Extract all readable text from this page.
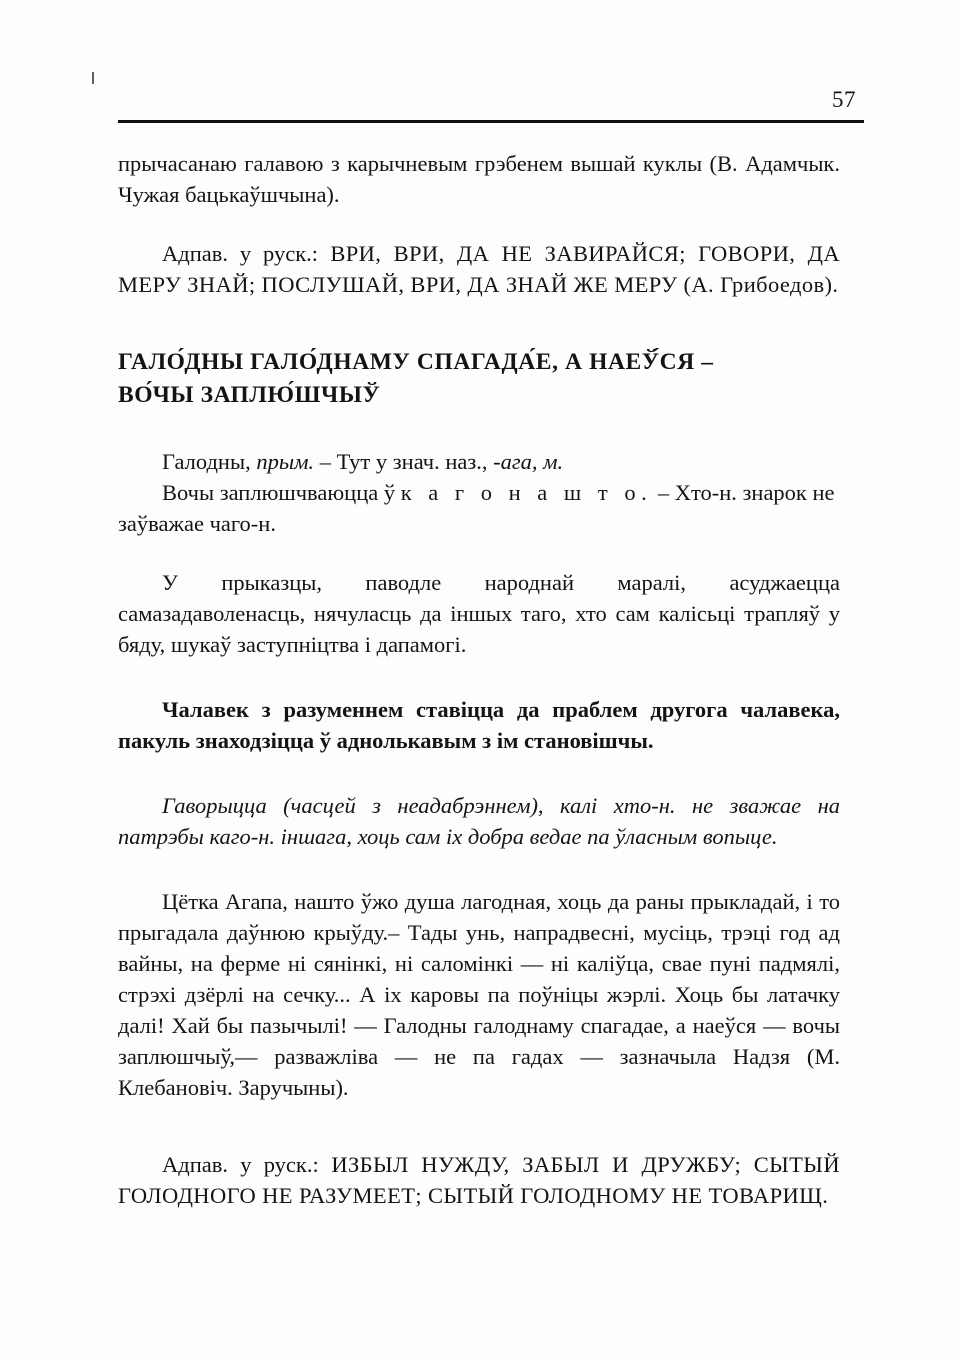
57

прычасанаю галавою з карычневым грэбенем вышай куклы (В. Адамчык. Чужая бацькаўшчына).

Адпав. у руск.: ВРИ, ВРИ, ДА НЕ ЗАВИРАЙСЯ; ГОВОРИ, ДА МЕРУ ЗНАЙ; ПОСЛУШАЙ, ВРИ, ДА ЗНАЙ ЖЕ МЕРУ (А. Грибоедов).

ГАЛО́ДНЫ ГАЛО́ДНАМУ СПАГАДА́Е, А НАЕЎ́СЯ –

ВО́ЧЫ ЗАПЛЮ́ШЧЫЎ

Галодны, прым. – Тут у знач. наз., -ага, м.

Вочы заплюшчваюцца ў к а г о н а ш т о. – Хто-н. знарок не заўважае чаго-н.

У прыказцы, паводле народнай маралі, асуджаецца самазадаволенасць, нячуласць да іншых таго, хто сам калісьці трапляў у бяду, шукаў заступніцтва і дапамогі.

Чалавек з разуменнем ставіцца да праблем другога чалавека, пакуль знаходзіцца ў аднолькавым з ім становішчы.

Гаворыцца (часцей з неадабрэннем), калі хто-н. не зважае на патрэбы каго-н. іншага, хоць сам іх добра ведае па ўласным вопыце.

Цётка Агапа, нашто ўжо душа лагодная, хоць да раны прыкладай, і то прыгадала даўнюю крыўду.– Тады унь, напрадвесні, мусіць, трэці год ад вайны, на ферме ні сянінкі, ні саломінкі — ні каліўца, свае пуні падмялі, стрэхі дзёрлі на сечку... А іх каровы па поўніцы жэрлі. Хоць бы латачку далі! Хай бы пазычылі! — Галодны галоднаму спагадае, а наеўся — вочы заплюшчыў,— разважліва — не па гадах — зазначыла Надзя (М. Клебановіч. Заручыны).

Адпав. у руск.: ИЗБЫЛ НУЖДУ, ЗАБЫЛ И ДРУЖБУ; СЫТЫЙ ГОЛОДНОГО НЕ РАЗУМЕЕТ; СЫТЫЙ ГОЛОДНОМУ НЕ ТОВАРИЩ.
